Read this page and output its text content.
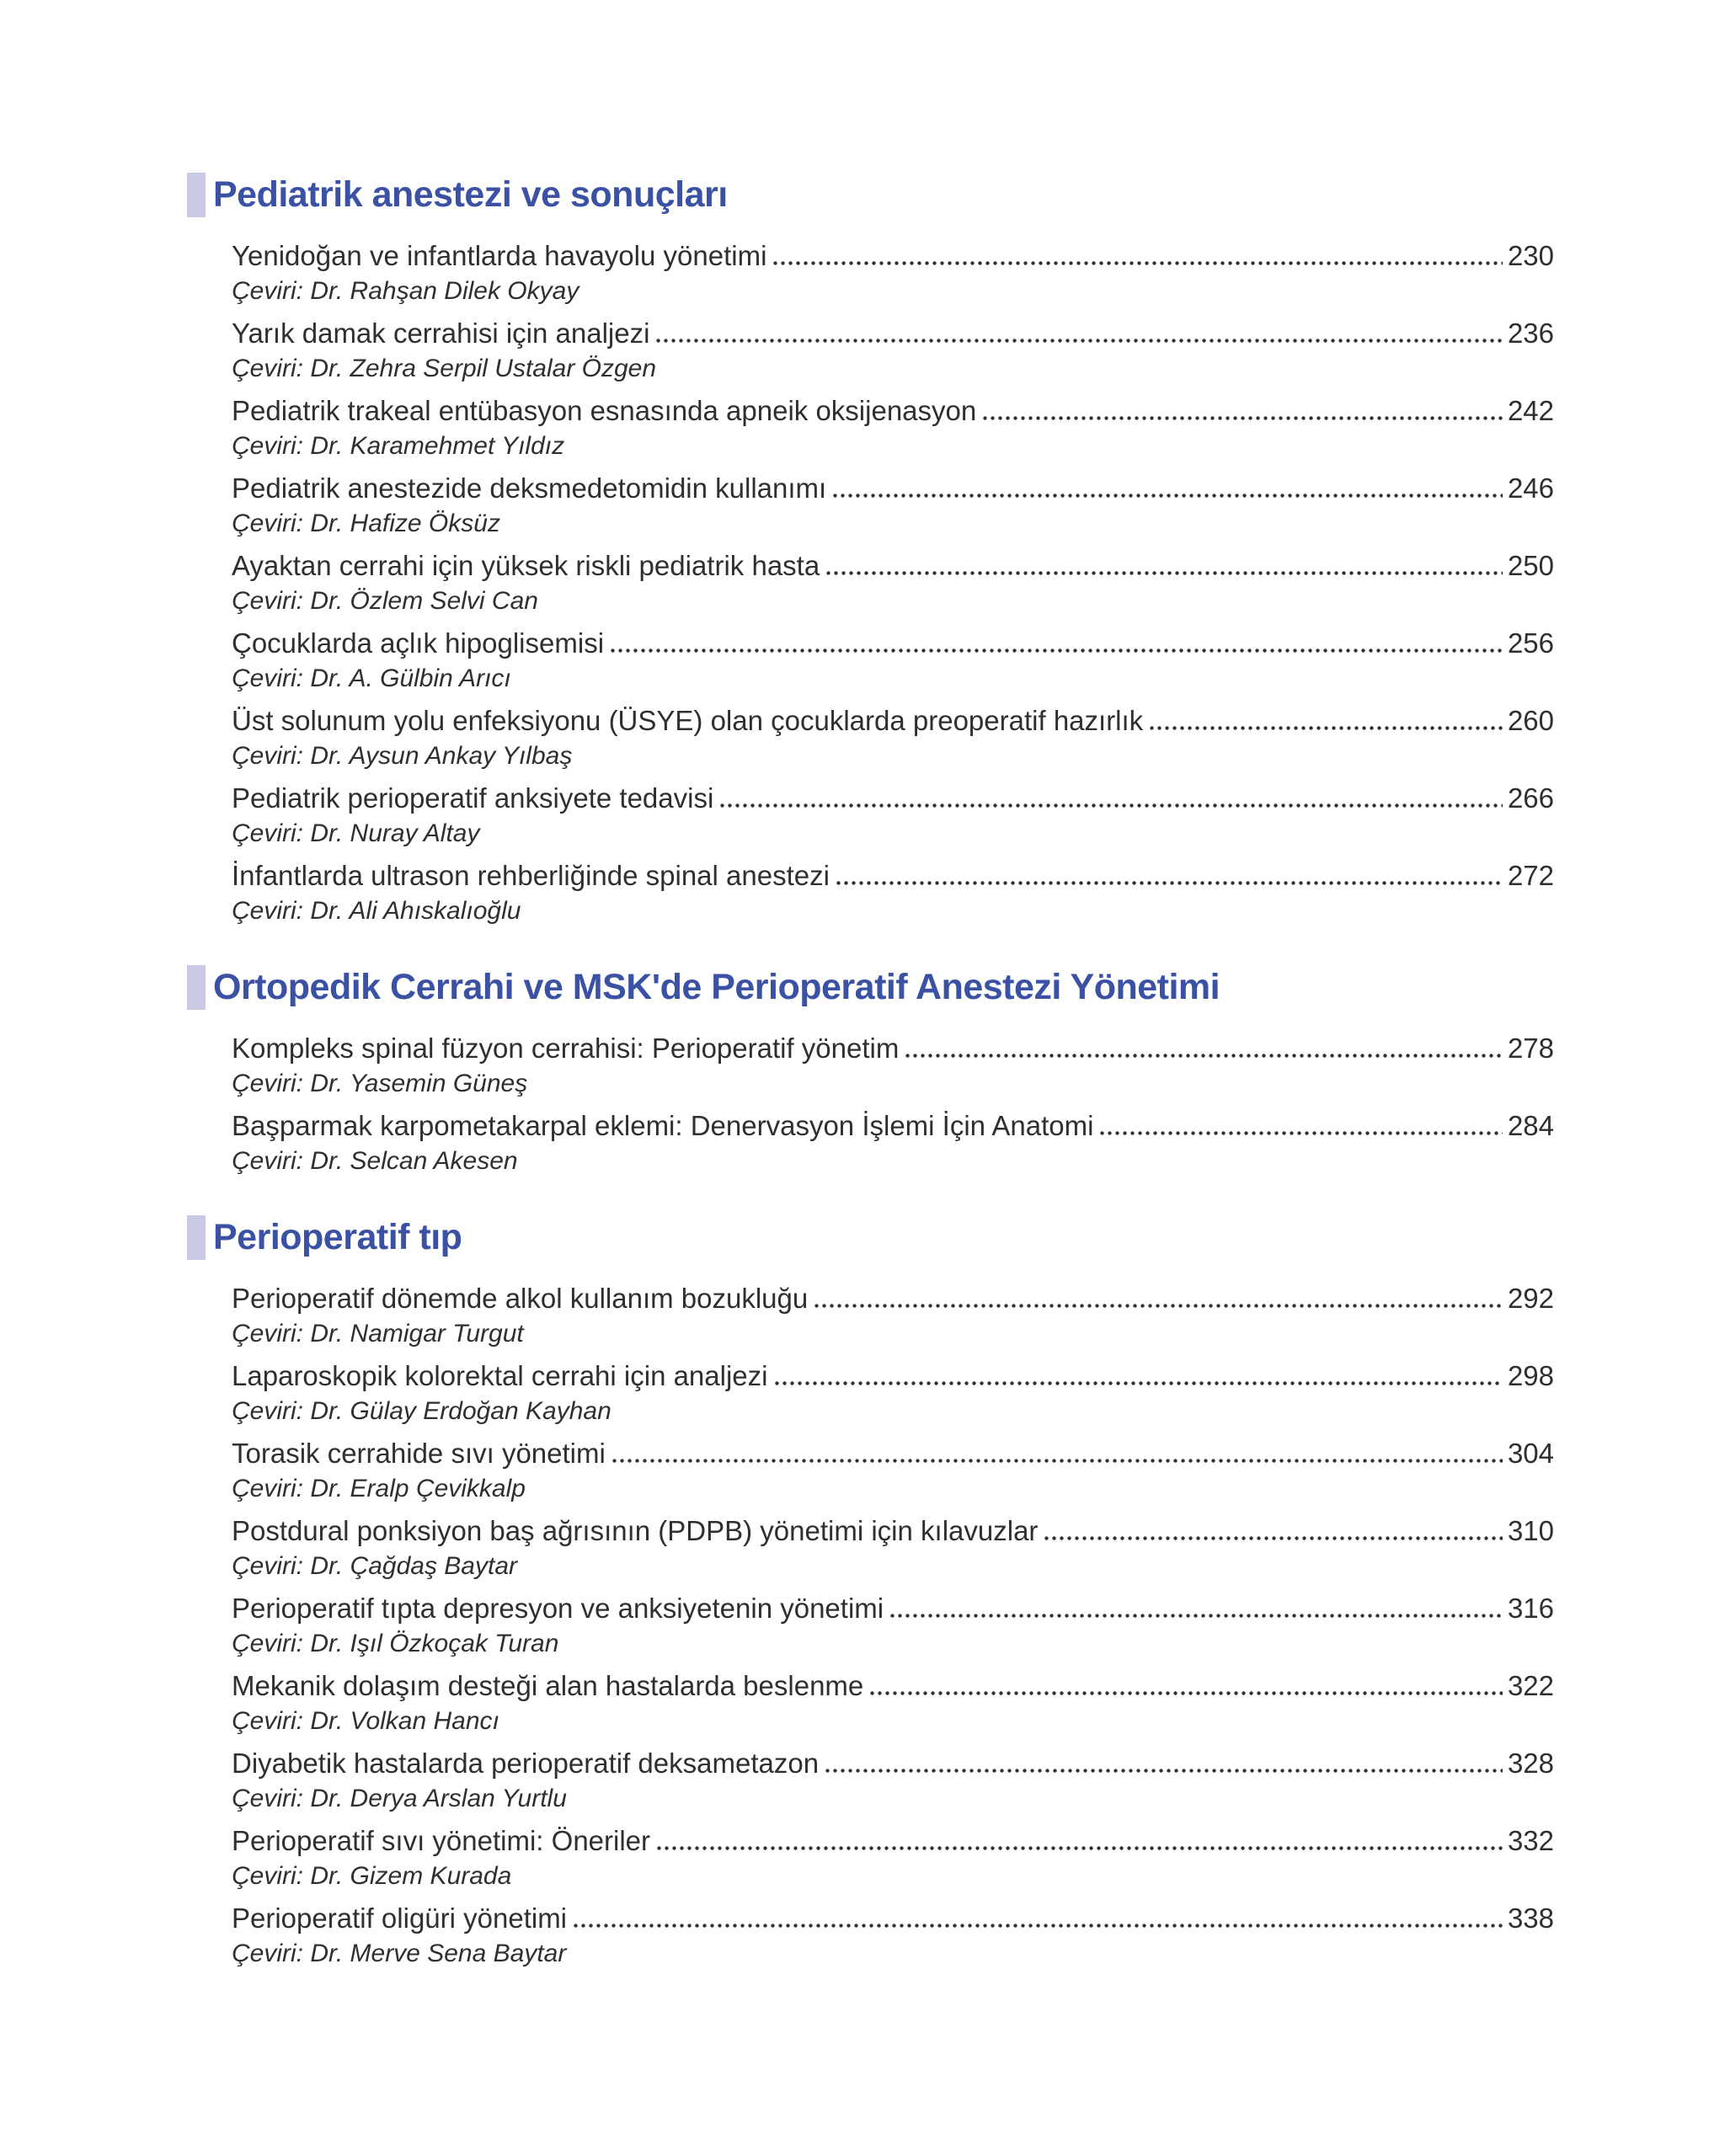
Pediatrik anestezi ve sonuçları
Yenidoğan ve infantlarda havayolu yönetimi	230
Çeviri: Dr. Rahşan Dilek Okyay
Yarık damak cerrahisi için analjezi	236
Çeviri: Dr. Zehra Serpil Ustalar Özgen
Pediatrik trakeal entübasyon esnasında apneik oksijenasyon	242
Çeviri: Dr. Karamehmet Yıldız
Pediatrik anestezide deksmedetomidin kullanımı	246
Çeviri: Dr. Hafize Öksüz
Ayaktan cerrahi için yüksek riskli pediatrik hasta	250
Çeviri: Dr. Özlem Selvi Can
Çocuklarda açlık hipoglisemisi	256
Çeviri: Dr. A. Gülbin Arıcı
Üst solunum yolu enfeksiyonu (ÜSYE) olan çocuklarda preoperatif hazırlık	260
Çeviri: Dr. Aysun Ankay Yılbaş
Pediatrik perioperatif anksiyete tedavisi	266
Çeviri: Dr. Nuray Altay
İnfantlarda ultrason rehberliğinde spinal anestezi	272
Çeviri: Dr. Ali Ahıskalıoğlu
Ortopedik Cerrahi ve MSK'de Perioperatif Anestezi Yönetimi
Kompleks spinal füzyon cerrahisi: Perioperatif yönetim	278
Çeviri: Dr. Yasemin Güneş
Başparmak karpometakarpal eklemi: Denervasyon İşlemi İçin Anatomi	284
Çeviri: Dr. Selcan Akesen
Perioperatif tıp
Perioperatif dönemde alkol kullanım bozukluğu	292
Çeviri: Dr. Namigar Turgut
Laparoskopik kolorektal cerrahi için analjezi	298
Çeviri: Dr. Gülay Erdoğan Kayhan
Torasik cerrahide sıvı yönetimi	304
Çeviri: Dr. Eralp Çevikkalp
Postdural ponksiyon baş ağrısının (PDPB) yönetimi için kılavuzlar	310
Çeviri: Dr. Çağdaş Baytar
Perioperatif tıpta depresyon ve anksiyetenin yönetimi	316
Çeviri: Dr. Işıl Özkoçak Turan
Mekanik dolaşım desteği alan hastalarda beslenme	322
Çeviri: Dr. Volkan Hancı
Diyabetik hastalarda perioperatif deksametazon	328
Çeviri: Dr. Derya Arslan Yurtlu
Perioperatif sıvı yönetimi: Öneriler	332
Çeviri: Dr. Gizem Kurada
Perioperatif oligüri yönetimi	338
Çeviri: Dr. Merve Sena Baytar
